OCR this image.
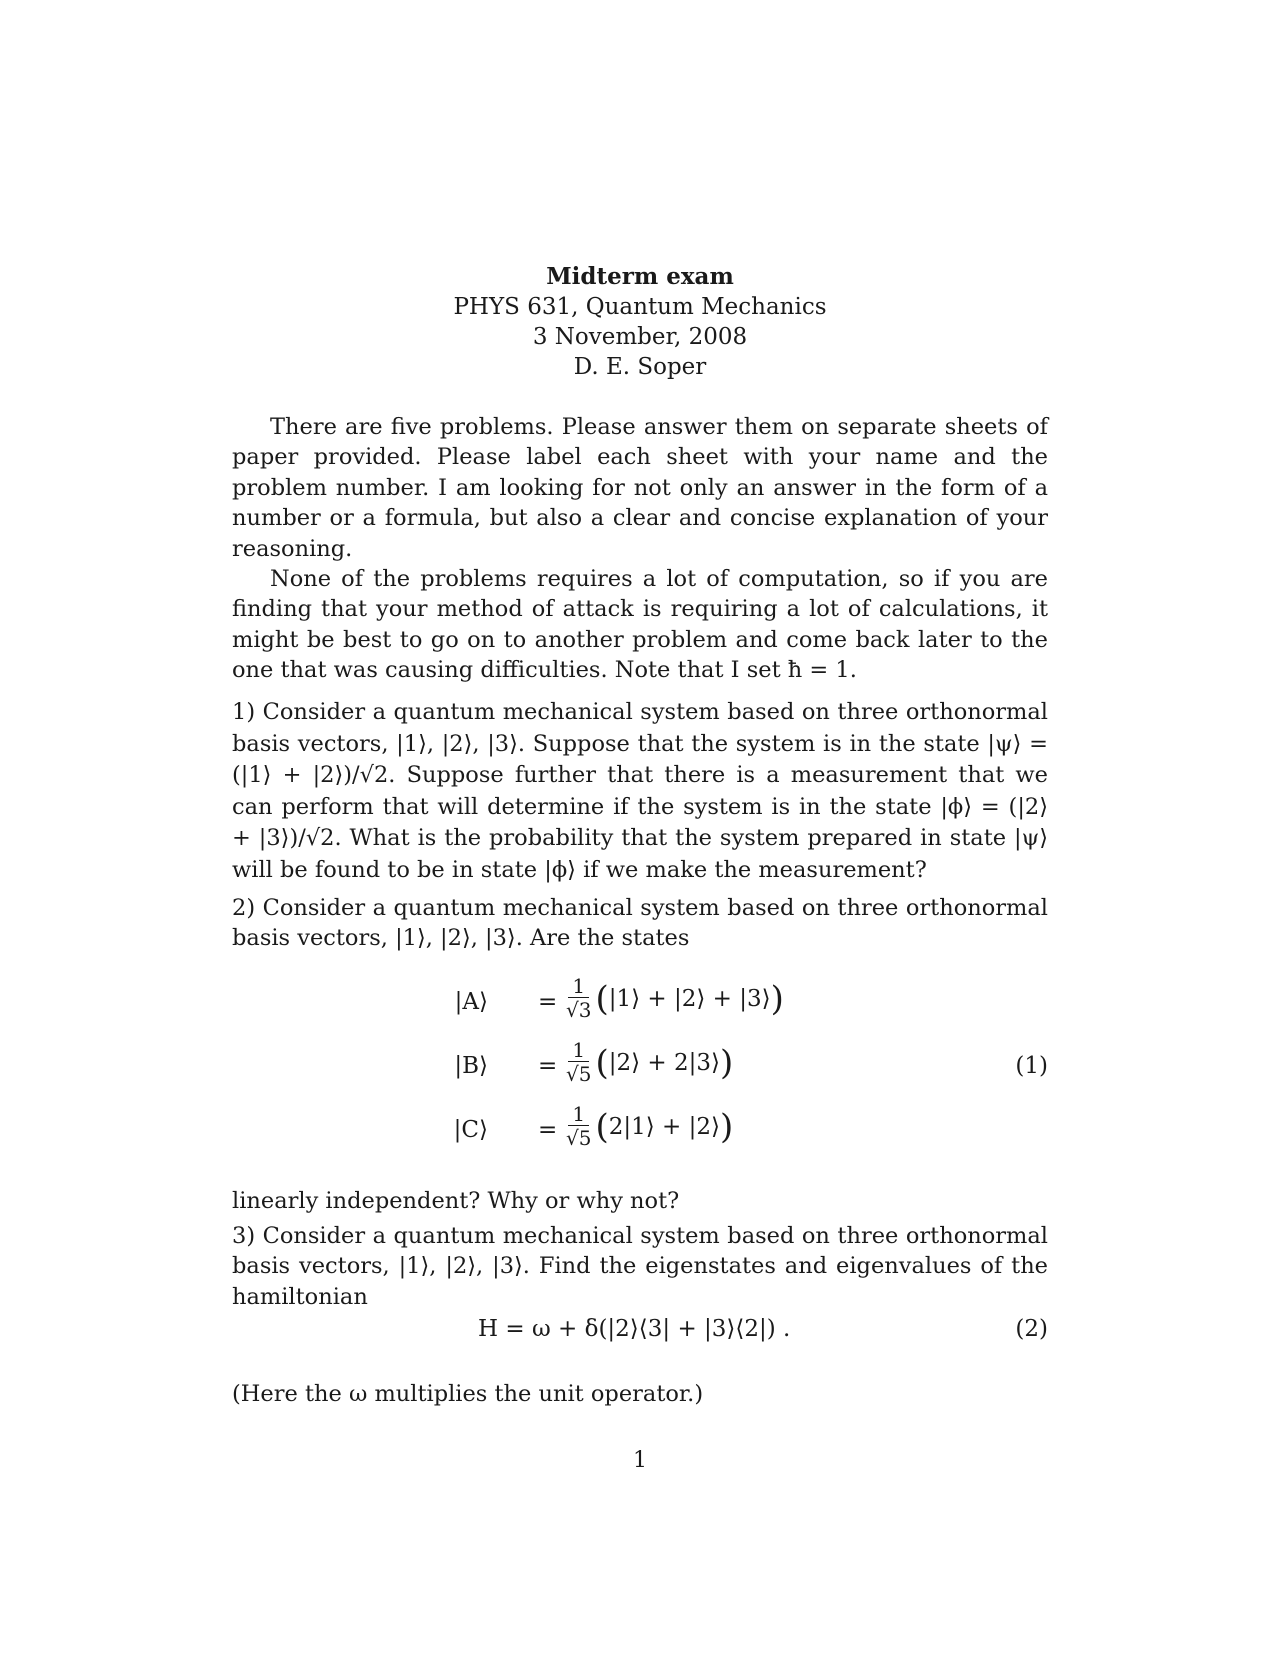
Midterm exam
PHYS 631, Quantum Mechanics
3 November, 2008
D. E. Soper

There are five problems. Please answer them on separate sheets of paper provided. Please label each sheet with your name and the problem number. I am looking for not only an answer in the form of a number or a formula, but also a clear and concise explanation of your reasoning.

None of the problems requires a lot of computation, so if you are finding that your method of attack is requiring a lot of calculations, it might be best to go on to another problem and come back later to the one that was causing difficulties. Note that I set ħ = 1.

1) Consider a quantum mechanical system based on three orthonormal basis vectors, |1⟩, |2⟩, |3⟩. Suppose that the system is in the state |ψ⟩ = (|1⟩ + |2⟩)/√2. Suppose further that there is a measurement that we can perform that will determine if the system is in the state |ϕ⟩ = (|2⟩ + |3⟩)/√2. What is the probability that the system prepared in state |ψ⟩ will be found to be in state |ϕ⟩ if we make the measurement?

2) Consider a quantum mechanical system based on three orthonormal basis vectors, |1⟩, |2⟩, |3⟩. Are the states

|A⟩ = $\frac{1}{√3}$ ( |1⟩ + |2⟩ + |3⟩ )
|B⟩ = $\frac{1}{√5}$ ( |2⟩ + 2|3⟩ )	(1)
|C⟩ = $\frac{1}{√5}$ ( 2|1⟩ + |2⟩ )

linearly independent? Why or why not?

3) Consider a quantum mechanical system based on three orthonormal basis vectors, |1⟩, |2⟩, |3⟩. Find the eigenstates and eigenvalues of the hamiltonian

H = ω + δ(|2⟩⟨3| + |3⟩⟨2|) .	(2)

(Here the ω multiplies the unit operator.)

1
